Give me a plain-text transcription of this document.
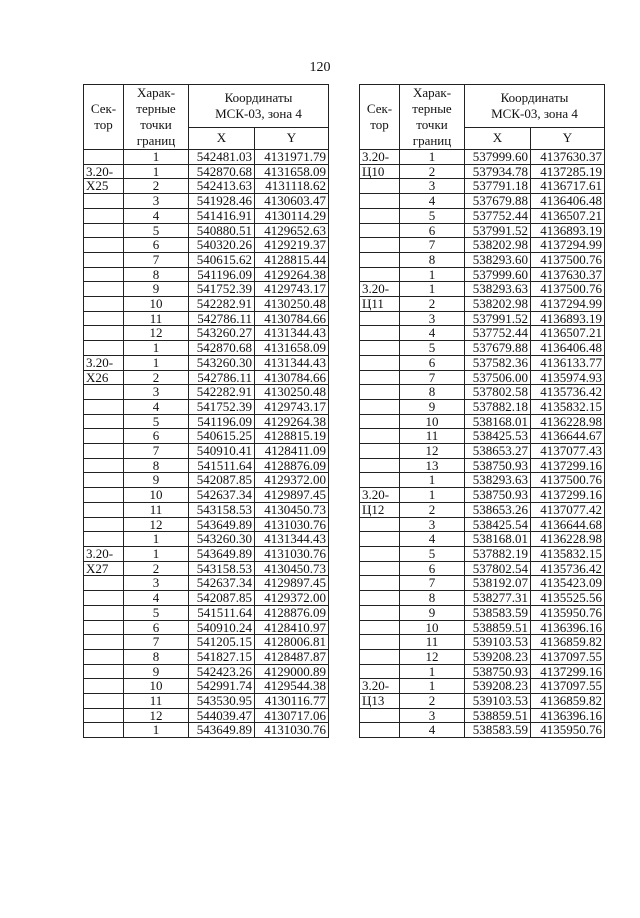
120
Сек-
тор	Харак-
терные
точки
границ	Координаты
МСК-03, зона 4	
		X	Y
	1	542481.03	4131971.79
3.20-	1	542870.68	4131658.09
Х25	2	542413.63	4131118.62
	3	541928.46	4130603.47
	4	541416.91	4130114.29
	5	540880.51	4129652.63
	6	540320.26	4129219.37
	7	540615.62	4128815.44
	8	541196.09	4129264.38
	9	541752.39	4129743.17
	10	542282.91	4130250.48
	11	542786.11	4130784.66
	12	543260.27	4131344.43
	1	542870.68	4131658.09
3.20-	1	543260.30	4131344.43
Х26	2	542786.11	4130784.66
	3	542282.91	4130250.48
	4	541752.39	4129743.17
	5	541196.09	4129264.38
	6	540615.25	4128815.19
	7	540910.41	4128411.09
	8	541511.64	4128876.09
	9	542087.85	4129372.00
	10	542637.34	4129897.45
	11	543158.53	4130450.73
	12	543649.89	4131030.76
	1	543260.30	4131344.43
3.20-	1	543649.89	4131030.76
Х27	2	543158.53	4130450.73
	3	542637.34	4129897.45
	4	542087.85	4129372.00
	5	541511.64	4128876.09
	6	540910.24	4128410.97
	7	541205.15	4128006.81
	8	541827.15	4128487.87
	9	542423.26	4129000.89
	10	542991.74	4129544.38
	11	543530.95	4130116.77
	12	544039.47	4130717.06
	1	543649.89	4131030.76
Сек-
тор	Харак-
терные
точки
границ	Координаты
МСК-03, зона 4	
		X	Y
3.20-	1	537999.60	4137630.37
Ц10	2	537934.78	4137285.19
	3	537791.18	4136717.61
	4	537679.88	4136406.48
	5	537752.44	4136507.21
	6	537991.52	4136893.19
	7	538202.98	4137294.99
	8	538293.60	4137500.76
	1	537999.60	4137630.37
3.20-	1	538293.63	4137500.76
Ц11	2	538202.98	4137294.99
	3	537991.52	4136893.19
	4	537752.44	4136507.21
	5	537679.88	4136406.48
	6	537582.36	4136133.77
	7	537506.00	4135974.93
	8	537802.58	4135736.42
	9	537882.18	4135832.15
	10	538168.01	4136228.98
	11	538425.53	4136644.67
	12	538653.27	4137077.43
	13	538750.93	4137299.16
	1	538293.63	4137500.76
3.20-	1	538750.93	4137299.16
Ц12	2	538653.26	4137077.42
	3	538425.54	4136644.68
	4	538168.01	4136228.98
	5	537882.19	4135832.15
	6	537802.54	4135736.42
	7	538192.07	4135423.09
	8	538277.31	4135525.56
	9	538583.59	4135950.76
	10	538859.51	4136396.16
	11	539103.53	4136859.82
	12	539208.23	4137097.55
	1	538750.93	4137299.16
3.20-	1	539208.23	4137097.55
Ц13	2	539103.53	4136859.82
	3	538859.51	4136396.16
	4	538583.59	4135950.76
